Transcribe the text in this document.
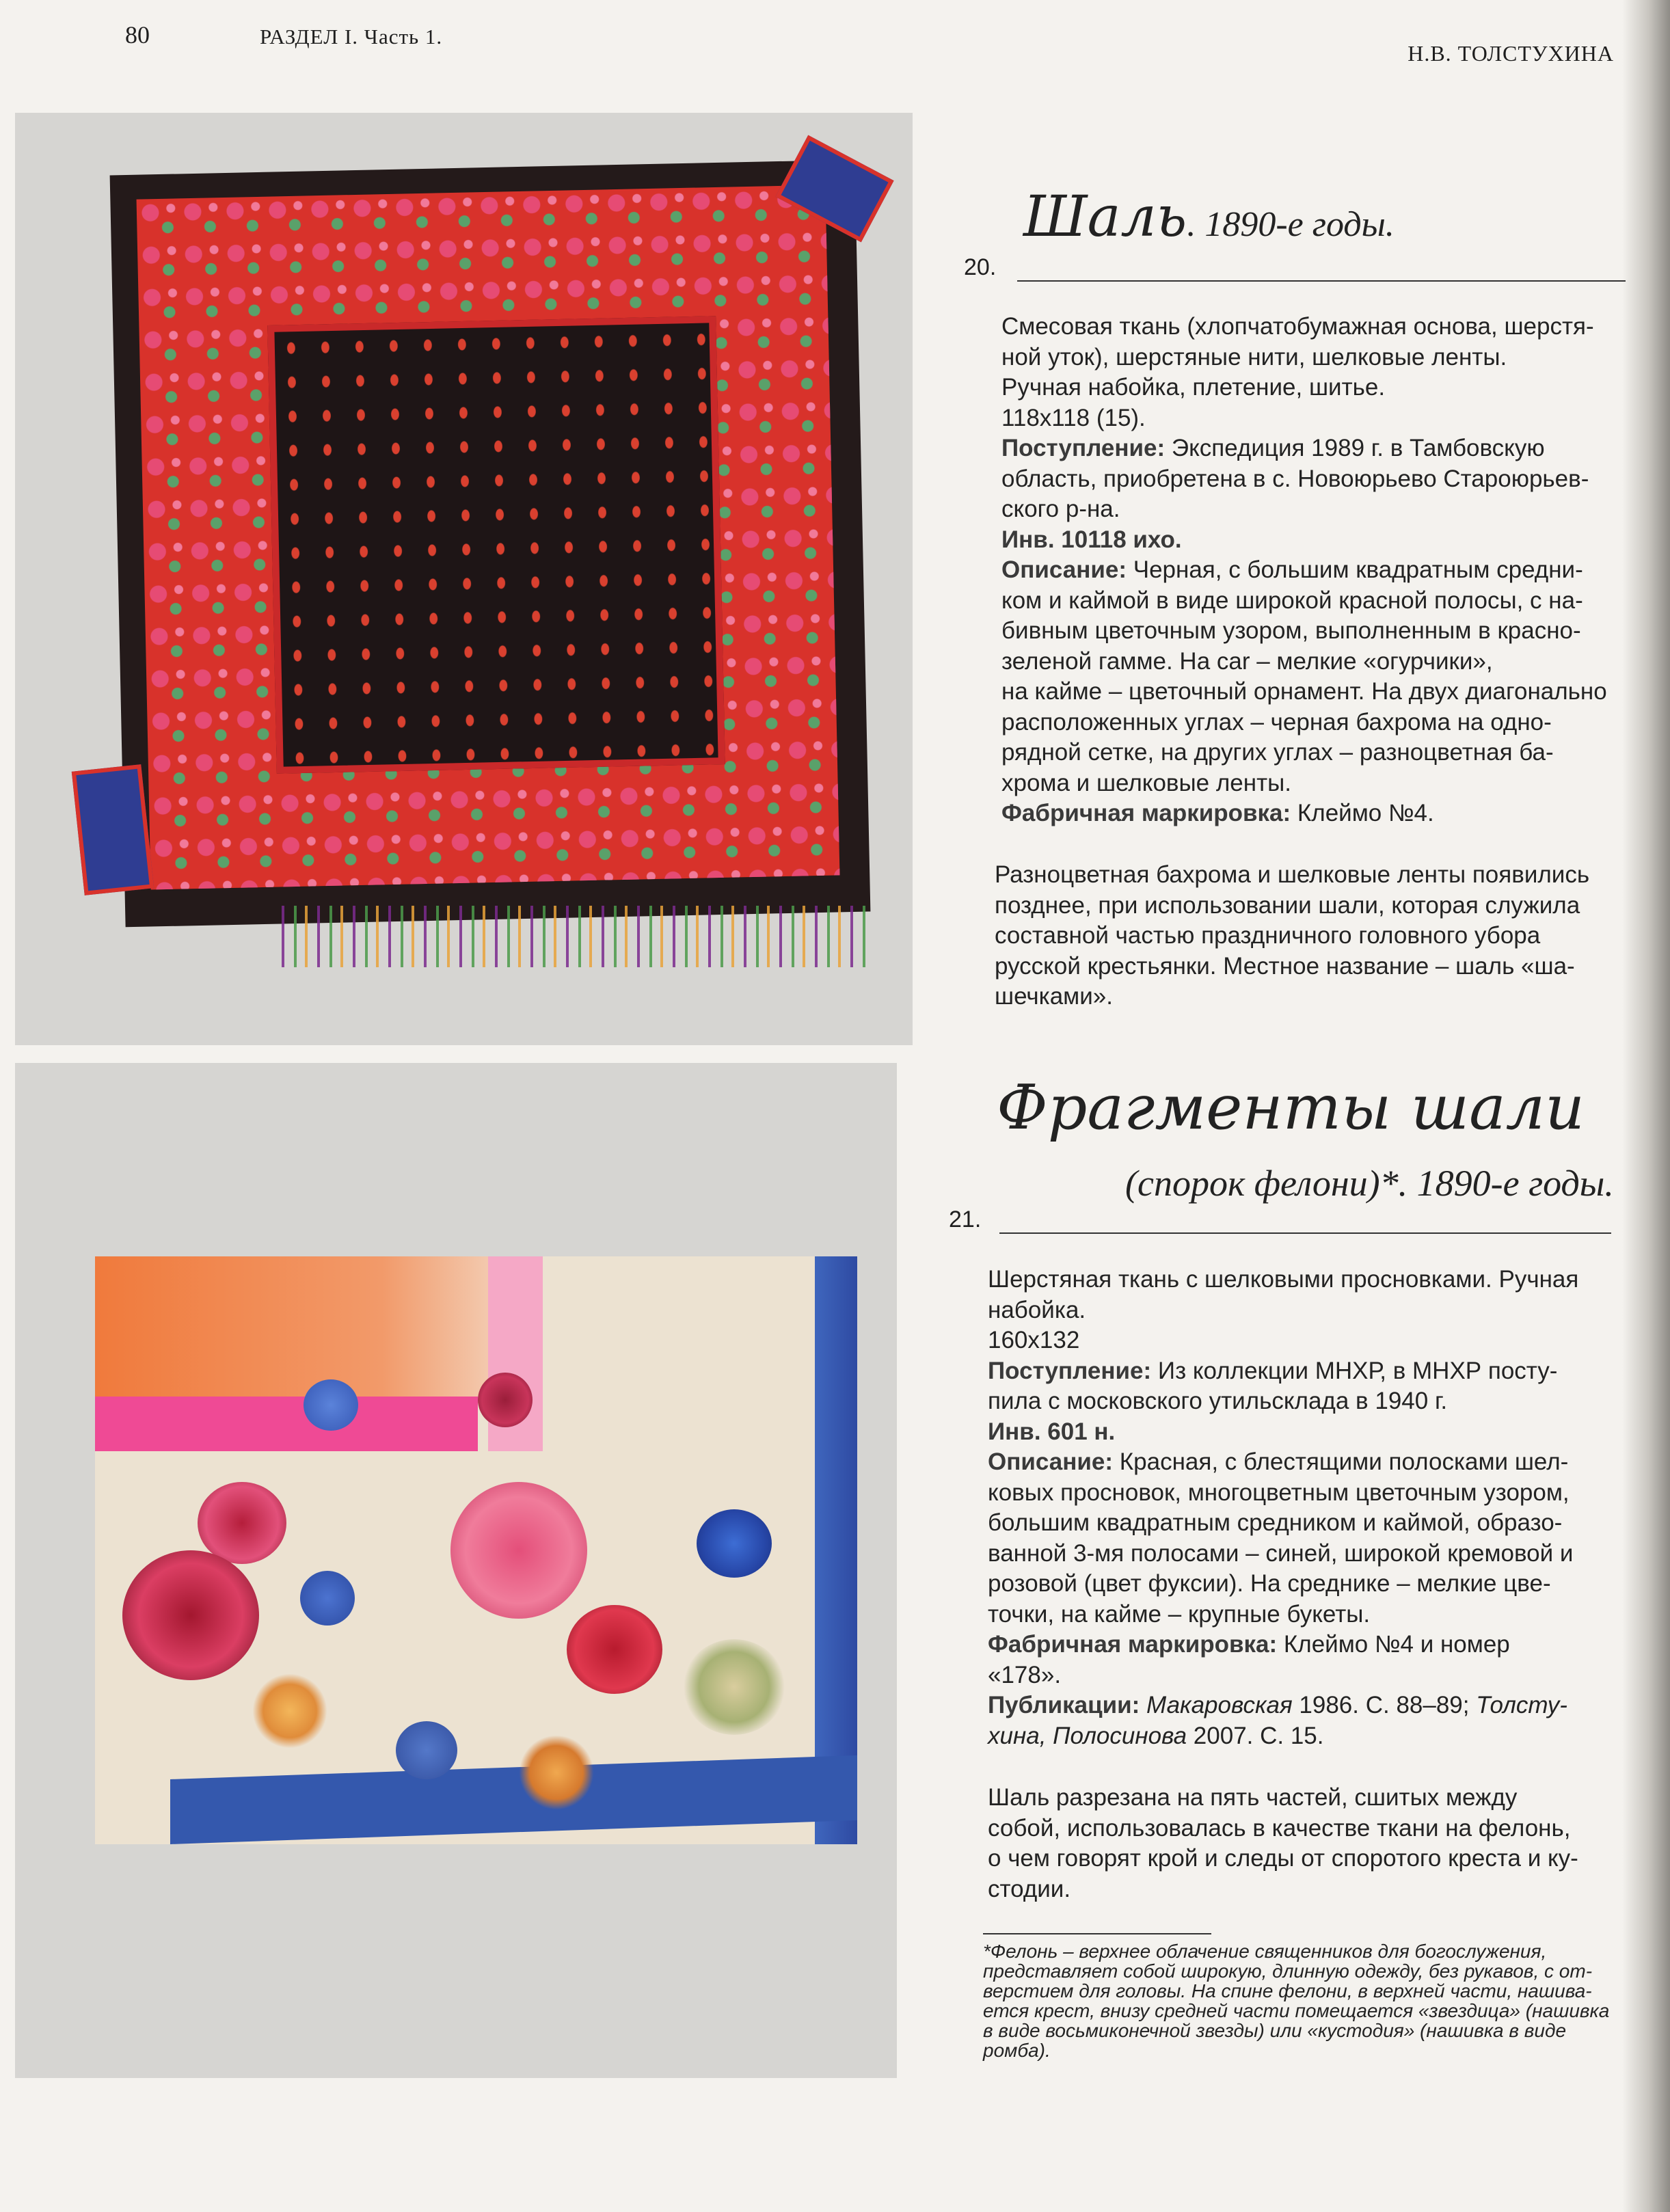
80	РАЗДЕЛ I. Часть 1.
Н.В. ТОЛСТУХИНА
Шаль. 1890-е годы.
20.

Смесовая ткань (хлопчатобумажная основа, шерстя-

ной уток), шерстяные нити, шелковые ленты.

Ручная набойка, плетение, шитье.

118x118 (15).

Поступление: Экспедиция 1989 г. в Тамбовскую

область, приобретена в с. Новоюрьево Староюрьев-

ского р-на.

Инв. 10118 ихо.

Описание: Черная, с большим квадратным средни-

ком и каймой в виде широкой красной полосы, с на-

бивным цветочным узором, выполненным в красно-

зеленой гамме. На car – мелкие «огурчики»,

на кайме – цветочный орнамент. На двух диагонально

расположенных углах – черная бахрома на одно-

рядной сетке, на других углах – разноцветная ба-

хрома и шелковые ленты.

Фабричная маркировка: Клеймо №4.

Разноцветная бахрома и шелковые ленты появились

позднее, при использовании шали, которая служила

составной частью праздничного головного убора

русской крестьянки. Местное название – шаль «ша-

шечками».

Фрагменты шали
(спорок фелони)*. 1890-е годы.
21.

Шерстяная ткань с шелковыми просновками. Ручная

набойка.

160x132

Поступление: Из коллекции МНХР, в МНХР посту-

пила с московского утильсклада в 1940 г.

Инв. 601 н.

Описание: Красная, с блестящими полосками шел-

ковых просновок, многоцветным цветочным узором,

большим квадратным средником и каймой, образо-

ванной 3-мя полосами – синей, широкой кремовой и

розовой (цвет фуксии). На среднике – мелкие цве-

точки, на кайме – крупные букеты.

Фабричная маркировка: Клеймо №4 и номер

«178».

Публикации: Макаровская 1986. С. 88–89; Толсту-

хина, Полосинова 2007. С. 15.

Шаль разрезана на пять частей, сшитых между

собой, использовалась в качестве ткани на фелонь,

о чем говорят крой и следы от споротого креста и ку-

стодии.

*Фелонь – верхнее облачение священников для богослужения,

представляет собой широкую, длинную одежду, без рукавов, с от-

верстием для головы. На спине фелони, в верхней части, нашива-

ется крест, внизу средней части помещается «звездица» (нашивка

в виде восьмиконечной звезды) или «кустодия» (нашивка в виде

ромба).
